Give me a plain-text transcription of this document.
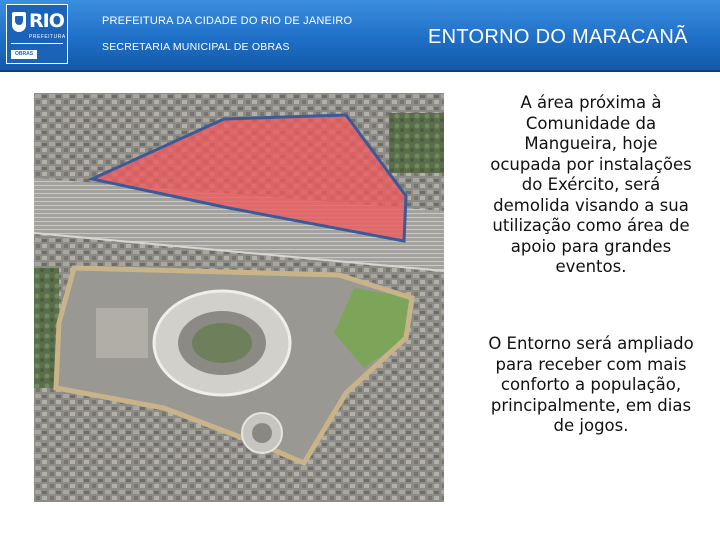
RIO
PREFEITURA
OBRAS
PREFEITURA DA CIDADE DO RIO DE JANEIRO
SECRETARIA MUNICIPAL DE OBRAS	ENTORNO DO MARACANÃ
A área próxima à Comunidade da Mangueira, hoje ocupada por instalações do Exército, será demolida visando a sua utilização como área de apoio para grandes eventos.
O Entorno será ampliado para receber com mais conforto a população, principalmente, em dias de jogos.
